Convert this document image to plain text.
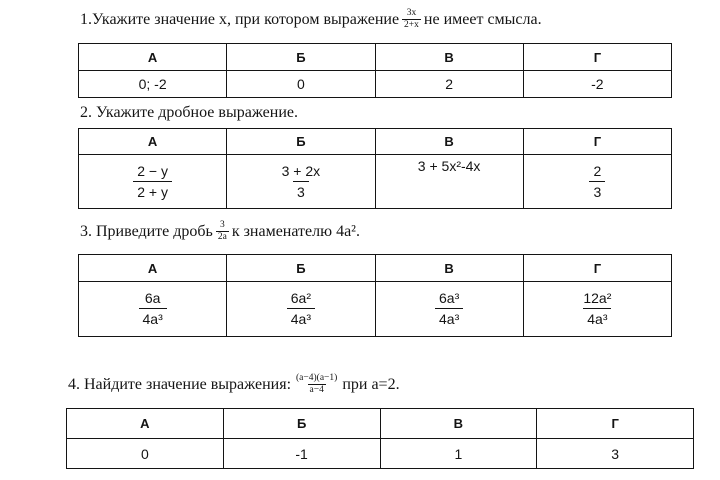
1.Укажите значение х, при котором выражение $\frac{3x}{2+x}$ не имеет смысла.
А	Б	В	Г
0; -2	0	2	-2
2. Укажите дробное выражение.
А	Б	В	Г

$\frac{2 - y}{2 + y}$	$\frac{3 + 2x}{3}$	3 + 5x²-4x	$\frac{2}{3}$
3. Приведите дробь $\frac{3}{2a}$ к знаменателю 4a².
А	Б	В	Г

$\frac{6a}{\text{4a³}}$	$\frac{\text{6a²}}{\text{4a³}}$	$\frac{\text{6a³}}{\text{4a³}}$	$\frac{\text{12a²}}{\text{4a³}}$
4. Найдите значение выражения: $\frac{(a-4)(a-1)}{a-4}$ при а=2.
А	Б	В	Г
0	-1	1	3
